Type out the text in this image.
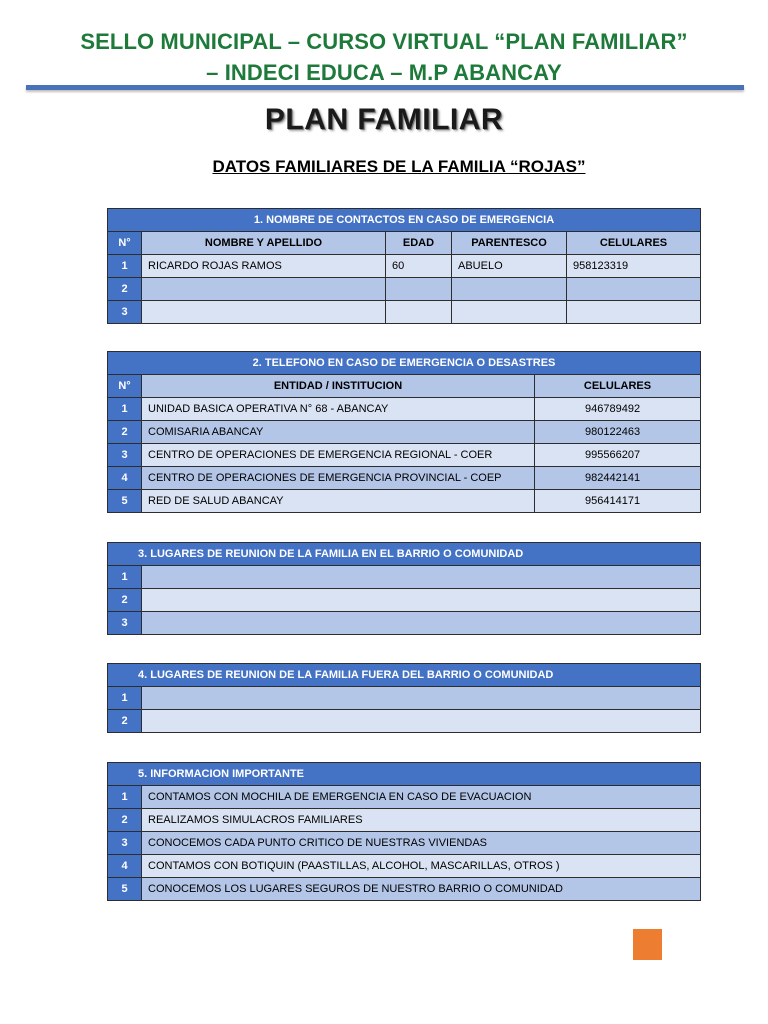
SELLO MUNICIPAL – CURSO VIRTUAL “PLAN FAMILIAR”
– INDECI EDUCA – M.P ABANCAY
PLAN FAMILIAR
DATOS FAMILIARES DE LA FAMILIA “ROJAS”
1. NOMBRE DE CONTACTOS EN CASO DE EMERGENCIA				
N°	NOMBRE Y APELLIDO	EDAD	PARENTESCO	CELULARES
1	RICARDO ROJAS RAMOS	60	ABUELO	958123319
2				
3				
2. TELEFONO EN CASO DE EMERGENCIA O DESASTRES		
N°	ENTIDAD / INSTITUCION	CELULARES
1	UNIDAD BASICA OPERATIVA N° 68 - ABANCAY	946789492
2	COMISARIA ABANCAY	980122463
3	CENTRO DE OPERACIONES DE EMERGENCIA REGIONAL - COER	995566207
4	CENTRO DE OPERACIONES DE EMERGENCIA PROVINCIAL - COEP	982442141
5	RED DE SALUD ABANCAY	956414171
3. LUGARES DE REUNION DE LA FAMILIA EN EL BARRIO O COMUNIDAD	
1	
2	
3	
4. LUGARES DE REUNION DE LA FAMILIA FUERA DEL BARRIO O COMUNIDAD	
1	
2	
5. INFORMACION IMPORTANTE	
1	CONTAMOS CON MOCHILA DE EMERGENCIA EN CASO DE EVACUACION
2	REALIZAMOS SIMULACROS FAMILIARES
3	CONOCEMOS CADA PUNTO CRITICO DE NUESTRAS VIVIENDAS
4	CONTAMOS CON BOTIQUIN (PAASTILLAS, ALCOHOL, MASCARILLAS, OTROS )
5	CONOCEMOS LOS LUGARES SEGUROS DE NUESTRO BARRIO O COMUNIDAD
